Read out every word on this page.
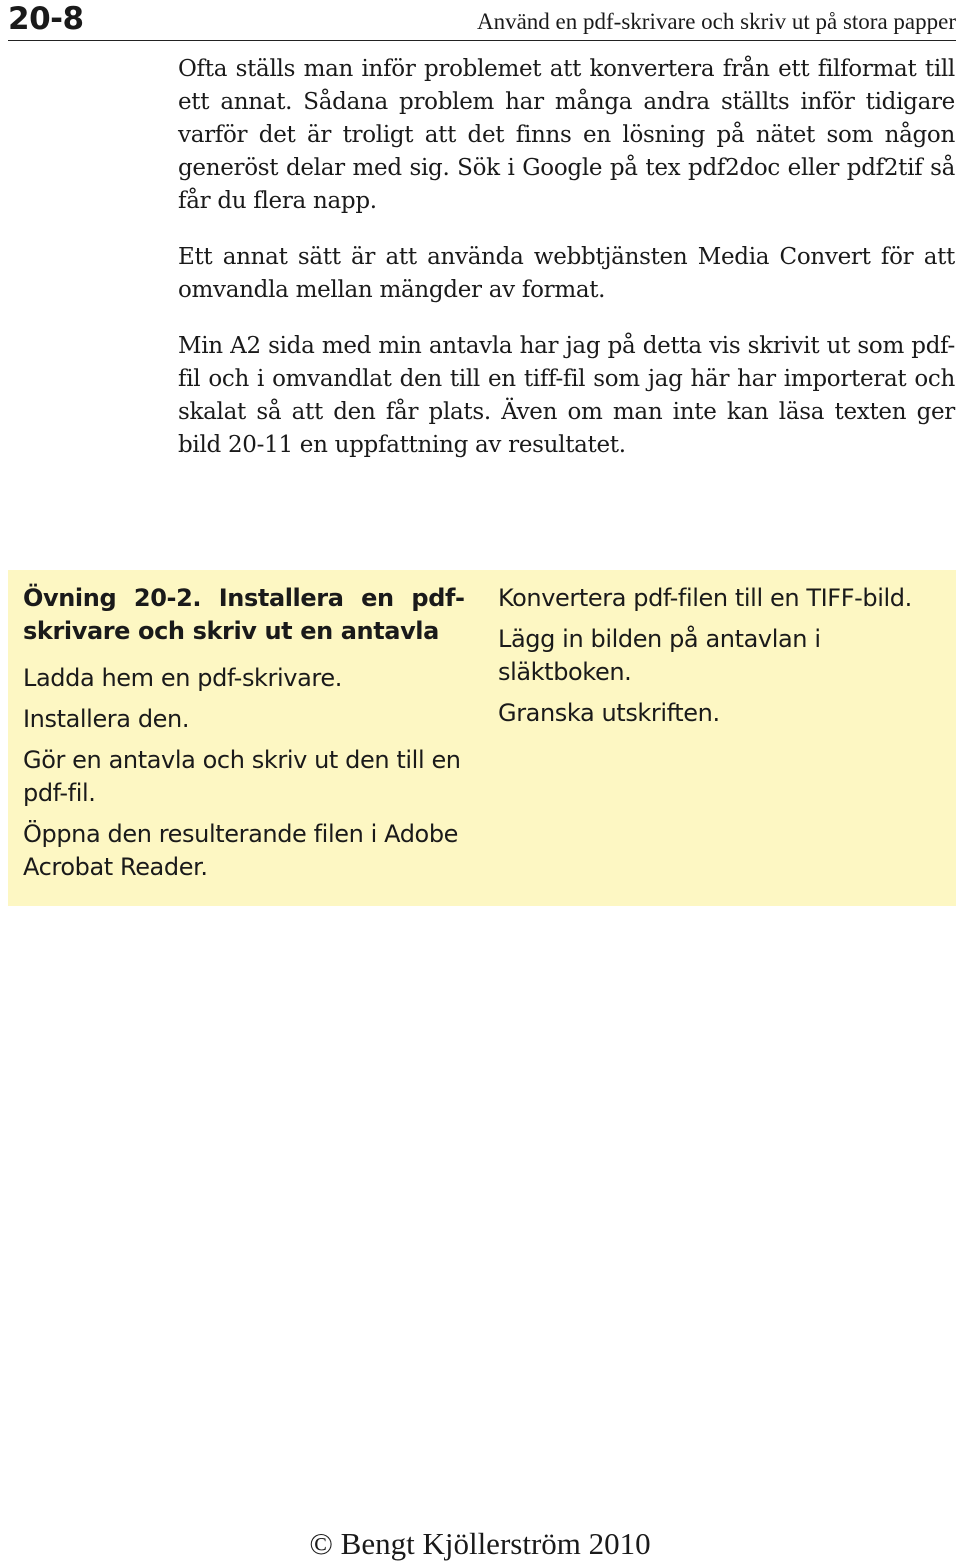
20-8	Använd en pdf-skrivare och skriv ut på stora papper

Ofta ställs man inför problemet att konvertera från ett filformat till ett annat. Sådana problem har många andra ställts inför tidigare varför det är troligt att det finns en lösning på nätet som någon generöst delar med sig. Sök i Google på tex pdf2doc eller pdf2tif så får du flera napp.

Ett annat sätt är att använda webbtjänsten Media Convert för att omvandla mellan mängder av format.

Min A2 sida med min antavla har jag på detta vis skrivit ut som pdf-fil och i omvandlat den till en tiff-fil som jag här har importerat och skalat så att den får plats. Även om man inte kan läsa texten ger bild 20-11 en uppfattning av resultatet.

Övning 20-2. Installera en pdfskrivare och skriv ut en antavla

Ladda hem en pdf-skrivare.

Installera den.

Gör en antavla och skriv ut den till en pdf-fil.

Öppna den resulterande filen i Adobe Acrobat Reader.

Konvertera pdf-filen till en TIFF-bild.

Lägg in bilden på antavlan i släktboken.

Granska utskriften.

© Bengt Kjöllerström 2010
